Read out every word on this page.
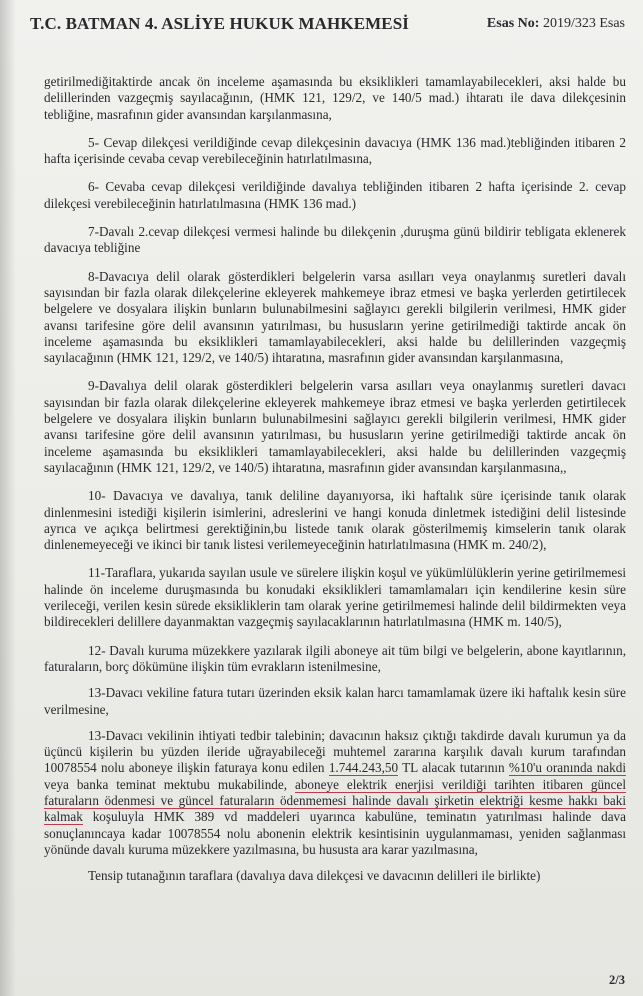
T.C. BATMAN 4. ASLİYE HUKUK MAHKEMESİ	Esas No: 2019/323 Esas

getirilmediğitaktirde ancak ön inceleme aşamasında bu eksiklikleri tamamlayabilecekleri, aksi halde bu delillerinden vazgeçmiş sayılacağının, (HMK 121, 129/2, ve 140/5 mad.) ihtaratı ile dava dilekçesinin tebliğine, masrafının gider avansından karşılanmasına,

5- Cevap dilekçesi verildiğinde cevap dilekçesinin davacıya (HMK 136 mad.)tebliğinden itibaren 2 hafta içerisinde cevaba cevap verebileceğinin hatırlatılmasına,

6- Cevaba cevap dilekçesi verildiğinde davalıya tebliğinden itibaren 2 hafta içerisinde 2. cevap dilekçesi verebileceğinin hatırlatılmasına (HMK 136 mad.)

7-Davalı 2.cevap dilekçesi vermesi halinde bu dilekçenin ,duruşma günü bildirir tebligata eklenerek davacıya tebliğine

8-Davacıya delil olarak gösterdikleri belgelerin varsa asılları veya onaylanmış suretleri davalı sayısından bir fazla olarak dilekçelerine ekleyerek mahkemeye ibraz etmesi ve başka yerlerden getirtilecek belgelere ve dosyalara ilişkin bunların bulunabilmesini sağlayıcı gerekli bilgilerin verilmesi, HMK gider avansı tarifesine göre delil avansının yatırılması, bu hususların yerine getirilmediği taktirde ancak ön inceleme aşamasında bu eksiklikleri tamamlayabilecekleri, aksi halde bu delillerinden vazgeçmiş sayılacağının (HMK 121, 129/2, ve 140/5) ihtaratına, masrafının gider avansından karşılanmasına,

9-Davalıya delil olarak gösterdikleri belgelerin varsa asılları veya onaylanmış suretleri davacı sayısından bir fazla olarak dilekçelerine ekleyerek mahkemeye ibraz etmesi ve başka yerlerden getirtilecek belgelere ve dosyalara ilişkin bunların bulunabilmesini sağlayıcı gerekli bilgilerin verilmesi, HMK gider avansı tarifesine göre delil avansının yatırılması, bu hususların yerine getirilmediği taktirde ancak ön inceleme aşamasında bu eksiklikleri tamamlayabilecekleri, aksi halde bu delillerinden vazgeçmiş sayılacağının (HMK 121, 129/2, ve 140/5) ihtaratına, masrafının gider avansından karşılanmasına,,

10- Davacıya ve davalıya, tanık deliline dayanıyorsa, iki haftalık süre içerisinde tanık olarak dinlenmesini istediği kişilerin isimlerini, adreslerini ve hangi konuda dinletmek istediğini delil listesinde ayrıca ve açıkça belirtmesi gerektiğinin,bu listede tanık olarak gösterilmemiş kimselerin tanık olarak dinlenemeyeceği ve ikinci bir tanık listesi verilemeyeceğinin hatırlatılmasına (HMK m. 240/2),

11-Taraflara, yukarıda sayılan usule ve sürelere ilişkin koşul ve yükümlülüklerin yerine getirilmemesi halinde ön inceleme duruşmasında bu konudaki eksiklikleri tamamlamaları için kendilerine kesin süre verileceği, verilen kesin sürede eksikliklerin tam olarak yerine getirilmemesi halinde delil bildirmekten veya bildirecekleri delillere dayanmaktan vazgeçmiş sayılacaklarının hatırlatılmasına (HMK m. 140/5),

12- Davalı kuruma müzekkere yazılarak ilgili aboneye ait tüm bilgi ve belgelerin, abone kayıtlarının, faturaların, borç dökümüne ilişkin tüm evrakların istenilmesine,

13-Davacı vekiline fatura tutarı üzerinden eksik kalan harcı tamamlamak üzere iki haftalık kesin süre verilmesine,

13-Davacı vekilinin ihtiyati tedbir talebinin; davacının haksız çıktığı takdirde davalı kurumun ya da üçüncü kişilerin bu yüzden ileride uğrayabileceği muhtemel zararına karşılık davalı kurum tarafından 10078554 nolu aboneye ilişkin faturaya konu edilen 1.744.243,50 TL alacak tutarının %10'u oranında nakdi veya banka teminat mektubu mukabilinde, aboneye elektrik enerjisi verildiği tarihten itibaren güncel faturaların ödenmesi ve güncel faturaların ödenmemesi halinde davalı şirketin elektriği kesme hakkı baki kalmak koşuluyla HMK 389 vd maddeleri uyarınca kabulüne, teminatın yatırılması halinde dava sonuçlanıncaya kadar 10078554 nolu abonenin elektrik kesintisinin uygulanmaması, yeniden sağlanması yönünde davalı kuruma müzekkere yazılmasına, bu hususta ara karar yazılmasına,

Tensip tutanağının taraflara (davalıya dava dilekçesi ve davacının delilleri ile birlikte)

2/3
